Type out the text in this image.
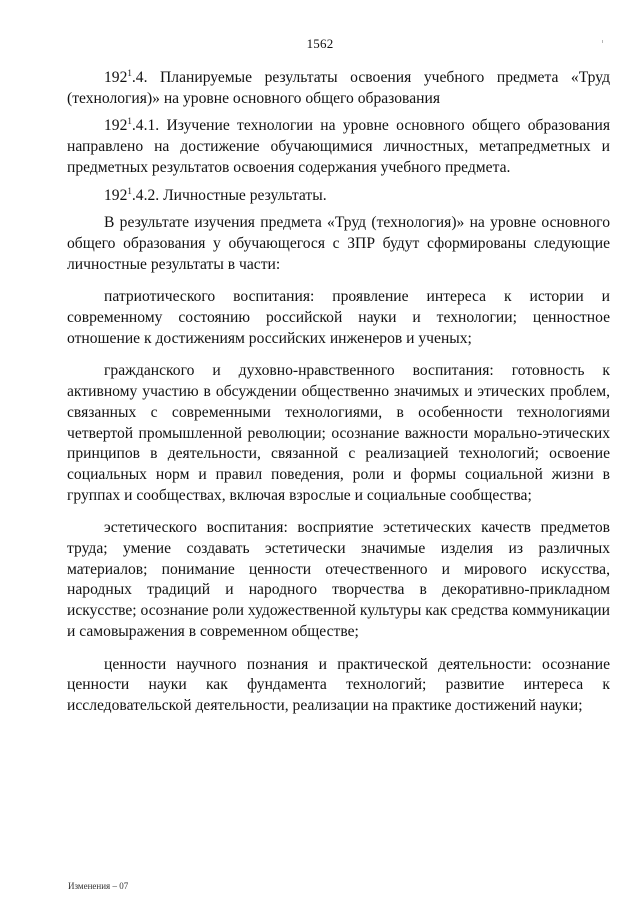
1562

$192^1.4$. Планируемые результаты освоения учебного предмета «Труд (технология)» на уровне основного общего образования

$192^1.4.1$. Изучение технологии на уровне основного общего образования направлено на достижение обучающимися личностных, метапредметных и предметных результатов освоения содержания учебного предмета.

$192^1.4.2$. Личностные результаты.

В результате изучения предмета «Труд (технология)» на уровне основного общего образования у обучающегося с ЗПР будут сформированы следующие личностные результаты в части:

патриотического воспитания: проявление интереса к истории и современному состоянию российской науки и технологии; ценностное отношение к достижениям российских инженеров и ученых;

гражданского и духовно-нравственного воспитания: готовность к активному участию в обсуждении общественно значимых и этических проблем, связанных с современными технологиями, в особенности технологиями четвертой промышленной революции; осознание важности морально-этических принципов в деятельности, связанной с реализацией технологий; освоение социальных норм и правил поведения, роли и формы социальной жизни в группах и сообществах, включая взрослые и социальные сообщества;

эстетического воспитания: восприятие эстетических качеств предметов труда; умение создавать эстетически значимые изделия из различных материалов; понимание ценности отечественного и мирового искусства, народных традиций и народного творчества в декоративно-прикладном искусстве; осознание роли художественной культуры как средства коммуникации и самовыражения в современном обществе;

ценности научного познания и практической деятельности: осознание ценности науки как фундамента технологий; развитие интереса к исследовательской деятельности, реализации на практике достижений науки;

Изменения – 07
